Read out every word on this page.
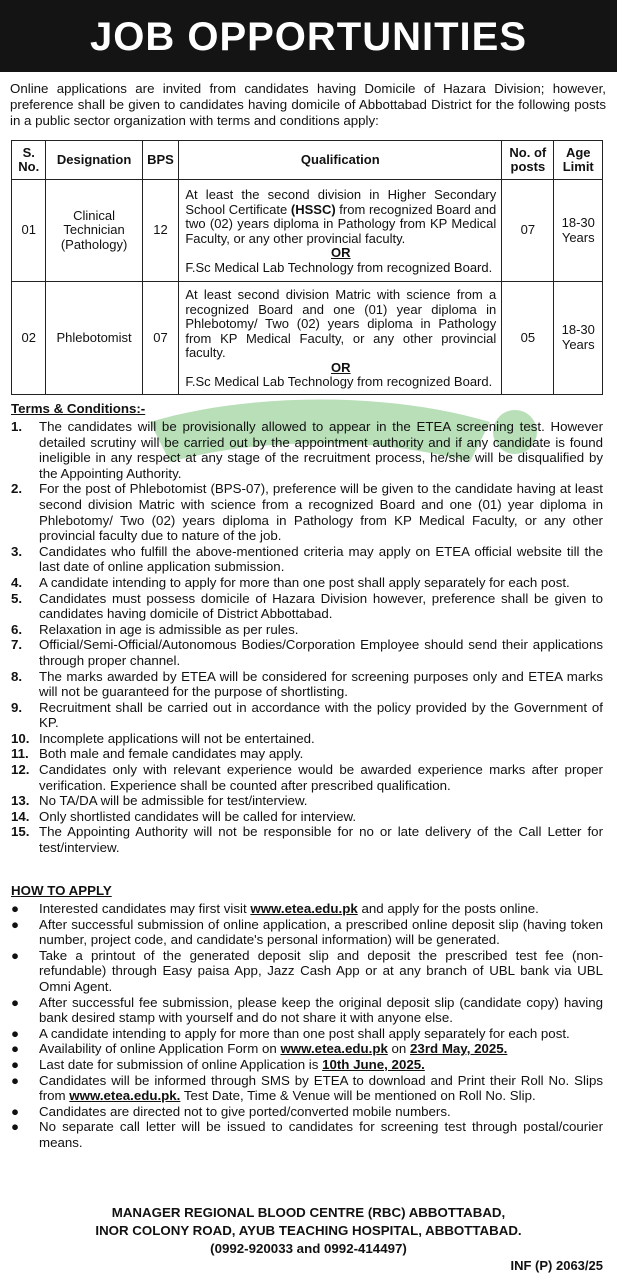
JOB OPPORTUNITIES
Online applications are invited from candidates having Domicile of Hazara Division; however, preference shall be given to candidates having domicile of Abbottabad District for the following posts in a public sector organization with terms and conditions apply:
S. No.	Designation	BPS	Qualification	No. of posts	Age Limit
01	Clinical Technician (Pathology)	12	At least the second division in Higher Secondary School Certificate (HSSC) from recognized Board and two (02) years diploma in Pathology from KP Medical Faculty, or any other provincial faculty.
OR
F.Sc Medical Lab Technology from recognized Board.	07	18-30 Years
02	Phlebotomist	07	At least second division Matric with science from a recognized Board and one (01) year diploma in Phlebotomy/ Two (02) years diploma in Pathology from KP Medical Faculty, or any other provincial faculty.
OR
F.Sc Medical Lab Technology from recognized Board.	05	18-30 Years
Terms & Conditions:-
1. The candidates will be provisionally allowed to appear in the ETEA screening test. However detailed scrutiny will be carried out by the appointment authority and if any candidate is found ineligible in any respect at any stage of the recruitment process, he/she will be disqualified by the Appointing Authority.
2. For the post of Phlebotomist (BPS-07), preference will be given to the candidate having at least second division Matric with science from a recognized Board and one (01) year diploma in Phlebotomy/ Two (02) years diploma in Pathology from KP Medical Faculty, or any other provincial faculty due to nature of the job.
3. Candidates who fulfill the above-mentioned criteria may apply on ETEA official website till the last date of online application submission.
4. A candidate intending to apply for more than one post shall apply separately for each post.
5. Candidates must possess domicile of Hazara Division however, preference shall be given to candidates having domicile of District Abbottabad.
6. Relaxation in age is admissible as per rules.
7. Official/Semi-Official/Autonomous Bodies/Corporation Employee should send their applications through proper channel.
8. The marks awarded by ETEA will be considered for screening purposes only and ETEA marks will not be guaranteed for the purpose of shortlisting.
9. Recruitment shall be carried out in accordance with the policy provided by the Government of KP.
10. Incomplete applications will not be entertained.
11. Both male and female candidates may apply.
12. Candidates only with relevant experience would be awarded experience marks after proper verification. Experience shall be counted after prescribed qualification.
13. No TA/DA will be admissible for test/interview.
14. Only shortlisted candidates will be called for interview.
15. The Appointing Authority will not be responsible for no or late delivery of the Call Letter for test/interview.
HOW TO APPLY
● Interested candidates may first visit www.etea.edu.pk and apply for the posts online.
● After successful submission of online application, a prescribed online deposit slip (having token number, project code, and candidate's personal information) will be generated.
● Take a printout of the generated deposit slip and deposit the prescribed test fee (non-refundable) through Easy paisa App, Jazz Cash App or at any branch of UBL bank via UBL Omni Agent.
● After successful fee submission, please keep the original deposit slip (candidate copy) having bank desired stamp with yourself and do not share it with anyone else.
● A candidate intending to apply for more than one post shall apply separately for each post.
● Availability of online Application Form on www.etea.edu.pk on 23rd May, 2025.
● Last date for submission of online Application is 10th June, 2025.
● Candidates will be informed through SMS by ETEA to download and Print their Roll No. Slips from www.etea.edu.pk. Test Date, Time & Venue will be mentioned on Roll No. Slip.
● Candidates are directed not to give ported/converted mobile numbers.
● No separate call letter will be issued to candidates for screening test through postal/courier means.
MANAGER REGIONAL BLOOD CENTRE (RBC) ABBOTTABAD,
INOR COLONY ROAD, AYUB TEACHING HOSPITAL, ABBOTTABAD.
(0992-920033 and 0992-414497)
INF (P) 2063/25
